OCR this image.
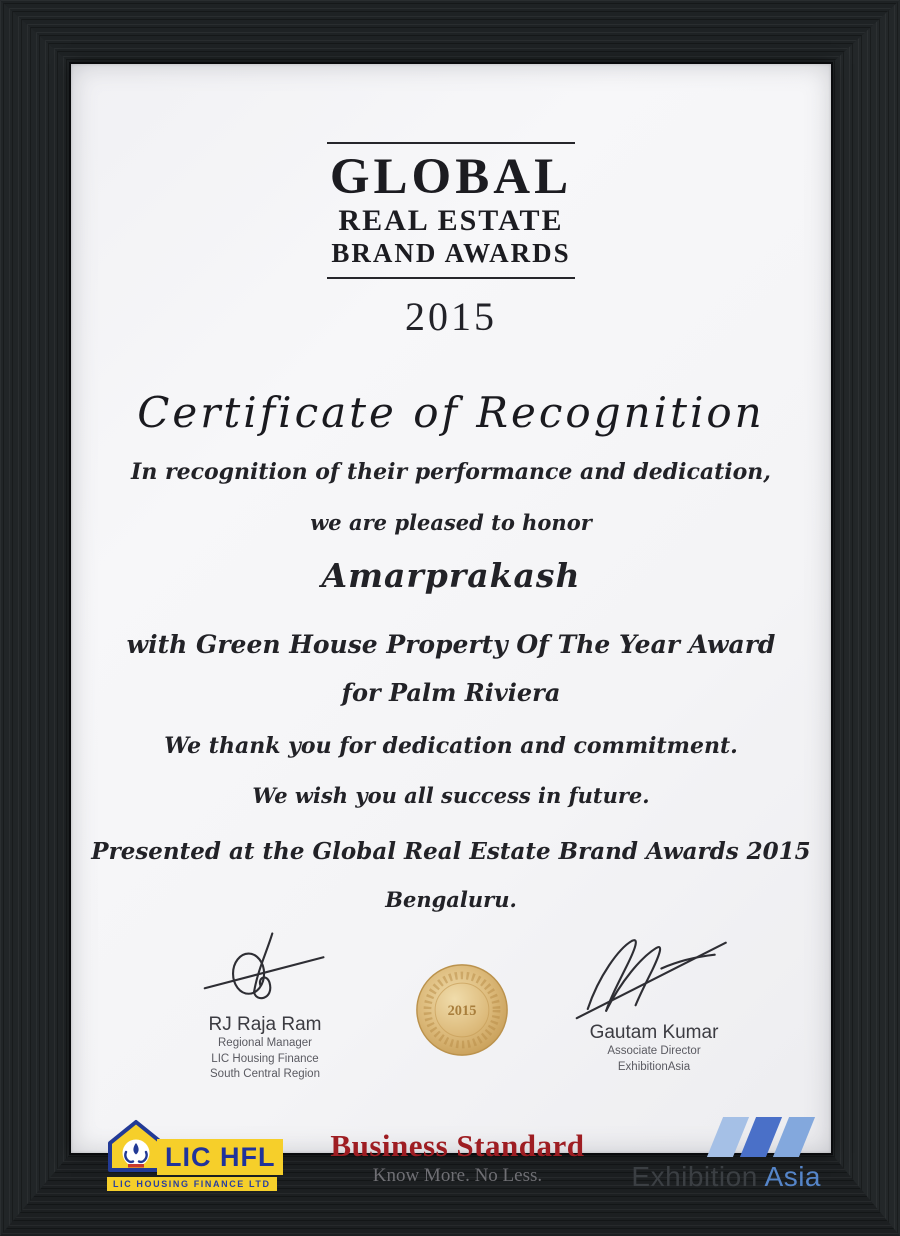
GLOBAL
REAL ESTATE
BRAND AWARDS
2015
Certificate of Recognition
In recognition of their performance and dedication,
we are pleased to honor
Amarprakash
with Green House Property Of The Year Award
for Palm Riviera
We thank you for dedication and commitment.
We wish you all success in future.
Presented at the Global Real Estate Brand Awards 2015
Bengaluru.
RJ Raja Ram
Regional Manager
LIC Housing Finance
South Central Region
2015
Gautam Kumar
Associate Director
ExhibitionAsia
LIC HFL
LIC HOUSING FINANCE LTD
Business Standard
Know More. No Less.	Exhibition Asia
